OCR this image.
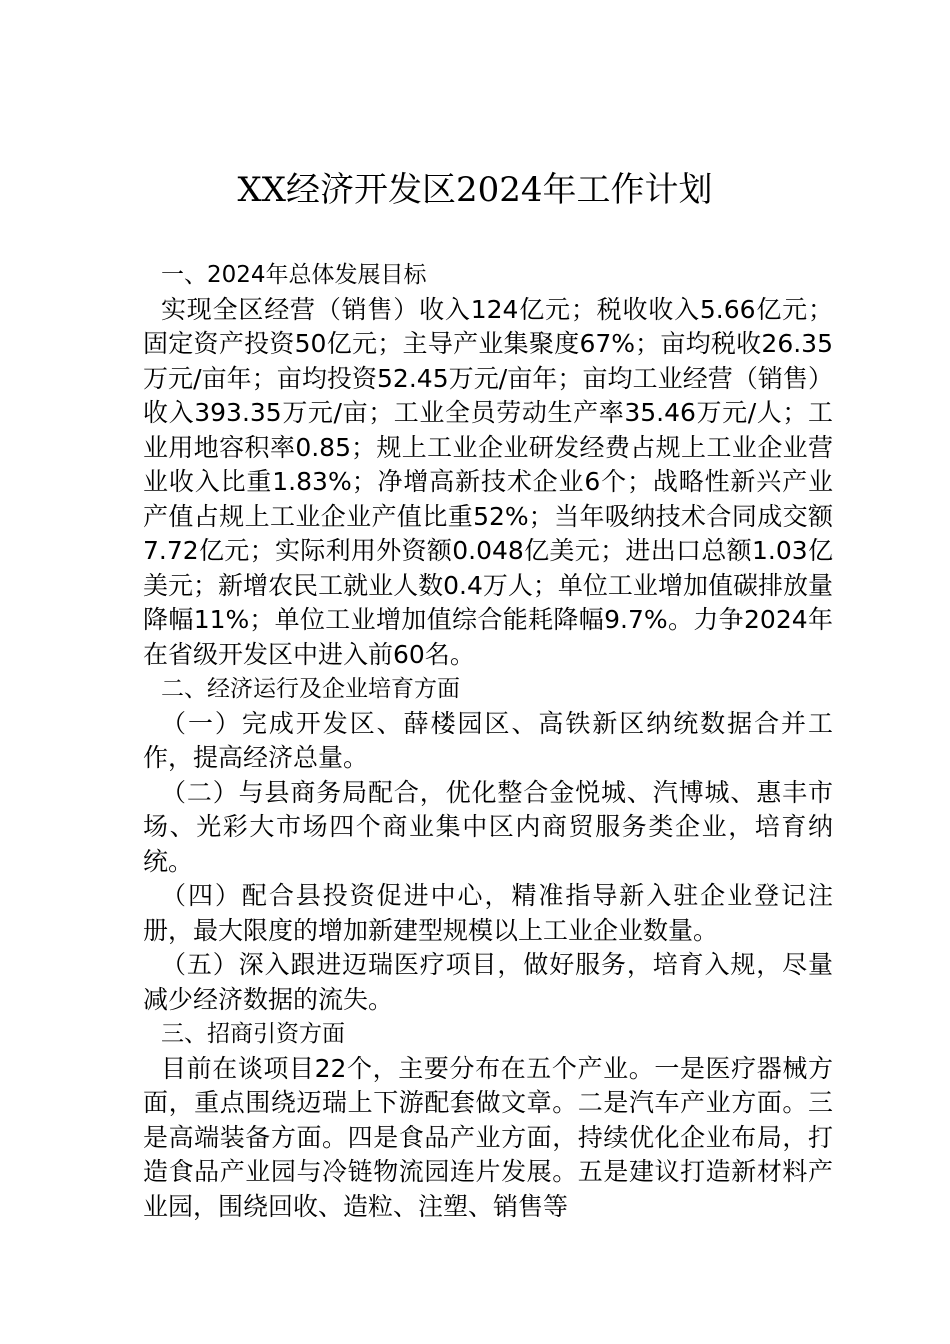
XX经济开发区2024年工作计划

一、2024年总体发展目标

实现全区经营（销售）收入124亿元；税收收入5.66亿元；固定资产投资50亿元；主导产业集聚度67%；亩均税收26.35万元/亩年；亩均投资52.45万元/亩年；亩均工业经营（销售）收入393.35万元/亩；工业全员劳动生产率35.46万元/人；工业用地容积率0.85；规上工业企业研发经费占规上工业企业营业收入比重1.83%；净增高新技术企业6个；战略性新兴产业产值占规上工业企业产值比重52%；当年吸纳技术合同成交额7.72亿元；实际利用外资额0.048亿美元；进出口总额1.03亿美元；新增农民工就业人数0.4万人；单位工业增加值碳排放量降幅11%；单位工业增加值综合能耗降幅9.7%。力争2024年在省级开发区中进入前60名。

二、经济运行及企业培育方面

（一）完成开发区、薛楼园区、高铁新区纳统数据合并工作，提高经济总量。

（二）与县商务局配合，优化整合金悦城、汽博城、惠丰市场、光彩大市场四个商业集中区内商贸服务类企业，培育纳统。

（四）配合县投资促进中心，精准指导新入驻企业登记注册，最大限度的增加新建型规模以上工业企业数量。

（五）深入跟进迈瑞医疗项目，做好服务，培育入规，尽量减少经济数据的流失。

三、招商引资方面

目前在谈项目22个，主要分布在五个产业。一是医疗器械方面，重点围绕迈瑞上下游配套做文章。二是汽车产业方面。三是高端装备方面。四是食品产业方面，持续优化企业布局，打造食品产业园与冷链物流园连片发展。五是建议打造新材料产业园，围绕回收、造粒、注塑、销售等
